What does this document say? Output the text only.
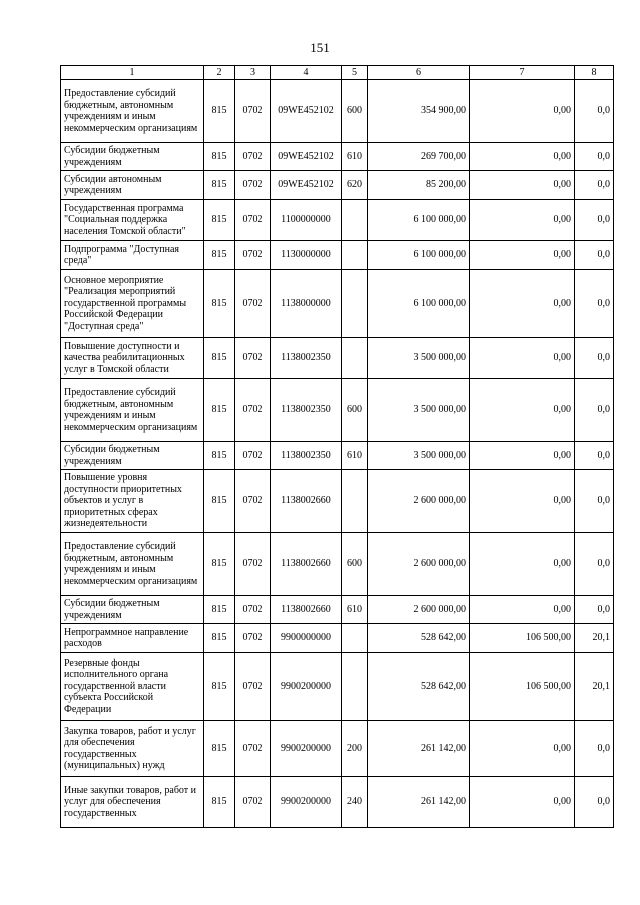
151
1	2	3	4	5	6	7	8
Предоставление субсидий бюджетным, автономным учреждениям и иным некоммерческим организациям	815	0702	09WE452102	600	354 900,00	0,00	0,0
Субсидии бюджетным учреждениям	815	0702	09WE452102	610	269 700,00	0,00	0,0
Субсидии автономным учреждениям	815	0702	09WE452102	620	85 200,00	0,00	0,0
Государственная программа "Социальная поддержка населения Томской области"	815	0702	1100000000		6 100 000,00	0,00	0,0
Подпрограмма "Доступная среда"	815	0702	1130000000		6 100 000,00	0,00	0,0
Основное мероприятие "Реализация мероприятий государственной программы Российской Федерации "Доступная среда"	815	0702	1138000000		6 100 000,00	0,00	0,0
Повышение доступности и качества реабилитационных услуг в Томской области	815	0702	1138002350		3 500 000,00	0,00	0,0
Предоставление субсидий бюджетным, автономным учреждениям и иным некоммерческим организациям	815	0702	1138002350	600	3 500 000,00	0,00	0,0
Субсидии бюджетным учреждениям	815	0702	1138002350	610	3 500 000,00	0,00	0,0
Повышение уровня доступности приоритетных объектов и услуг в приоритетных сферах жизнедеятельности	815	0702	1138002660		2 600 000,00	0,00	0,0
Предоставление субсидий бюджетным, автономным учреждениям и иным некоммерческим организациям	815	0702	1138002660	600	2 600 000,00	0,00	0,0
Субсидии бюджетным учреждениям	815	0702	1138002660	610	2 600 000,00	0,00	0,0
Непрограммное направление расходов	815	0702	9900000000		528 642,00	106 500,00	20,1
Резервные фонды исполнительного органа государственной власти субъекта Российской Федерации	815	0702	9900200000		528 642,00	106 500,00	20,1
Закупка товаров, работ и услуг для обеспечения государственных (муниципальных) нужд	815	0702	9900200000	200	261 142,00	0,00	0,0
Иные закупки товаров, работ и услуг для обеспечения государственных	815	0702	9900200000	240	261 142,00	0,00	0,0
